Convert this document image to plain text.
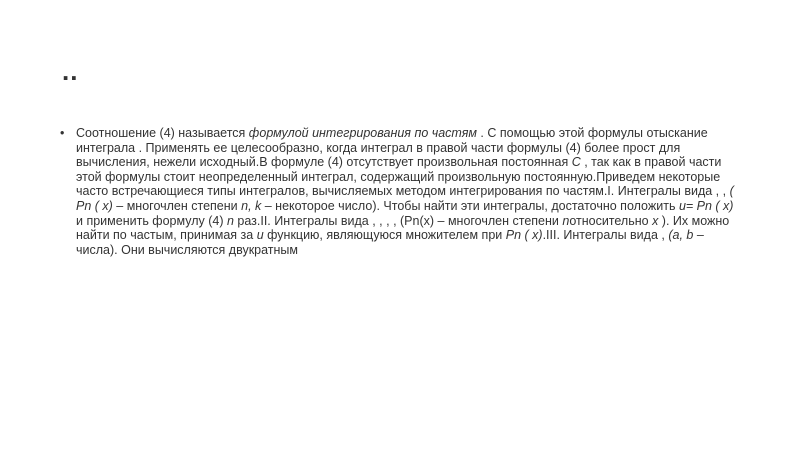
..
• Соотношение (4) называется формулой интегрирования по частям . С помощью этой формулы отыскание интеграла . Применять ее целесообразно, когда интеграл в правой части формулы (4) более прост для вычисления, нежели исходный.В формуле (4) отсутствует произвольная постоянная С , так как в правой части этой формулы стоит неопределенный интеграл, содержащий произвольную постоянную.Приведем некоторые часто встречающиеся типы интегралов, вычисляемых методом интегрирования по частям.I. Интегралы вида , , ( Pn ( x) – многочлен степени n, k – некоторое число). Чтобы найти эти интегралы, достаточно положить u= Pn ( x) и применить формулу (4) n раз.II. Интегралы вида , , , , (Pn(x) – многочлен степени nотносительно x ). Их можно найти по частым, принимая за u функцию, являющуюся множителем при Pn ( x).III. Интегралы вида , (a, b – числа). Они вычисляются двукратным
